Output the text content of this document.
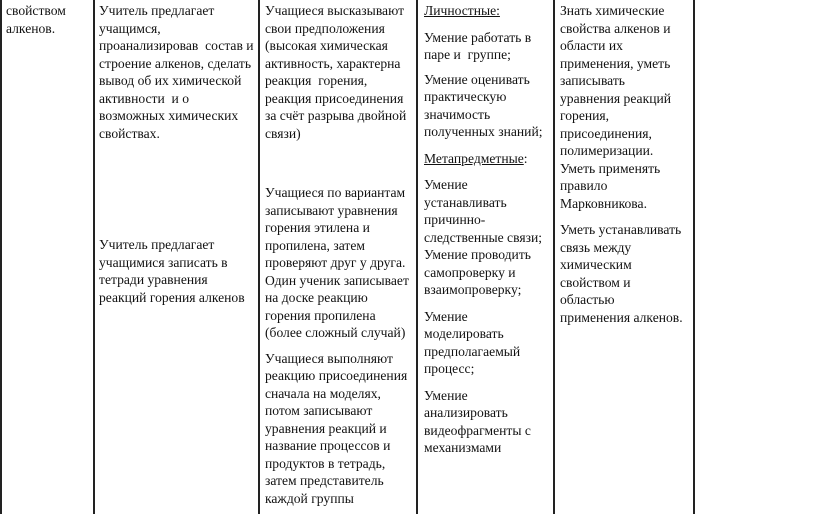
свойством
алкенов.

Учитель предлагает
учащимся,
проанализировав  состав и
строение алкенов, сделать
вывод об их химической
активности  и о
возможных химических
свойствах.

Учитель предлагает
учащимися записать в
тетради уравнения
реакций горения алкенов

Учащиеся высказывают
свои предположения
(высокая химическая
активность, характерна
реакция  горения,
реакция присоединения
за счёт разрыва двойной
связи)

Учащиеся по вариантам
записывают уравнения
горения этилена и
пропилена, затем
проверяют друг у друга.
Один ученик записывает
на доске реакцию
горения пропилена
(более сложный случай)

Учащиеся выполняют
реакцию присоединения
сначала на моделях,
потом записывают
уравнения реакций и
название процессов и
продуктов в тетрадь,
затем представитель
каждой группы

Личностные:

Умение работать в
паре и  группе;

Умение оценивать
практическую
значимость
полученных знаний;

Метапредметные:

Умение
устанавливать
причинно-
следственные связи;

Умение проводить
самопроверку и
взаимопроверку;

Умение
моделировать
предполагаемый
процесс;

Умение
анализировать
видеофрагменты с
механизмами

Знать химические
свойства алкенов и
области их
применения, уметь
записывать
уравнения реакций
горения,
присоединения,
полимеризации.
Уметь применять
правило
Марковникова.

Уметь устанавливать
связь между
химическим
свойством и
областью
применения алкенов.
